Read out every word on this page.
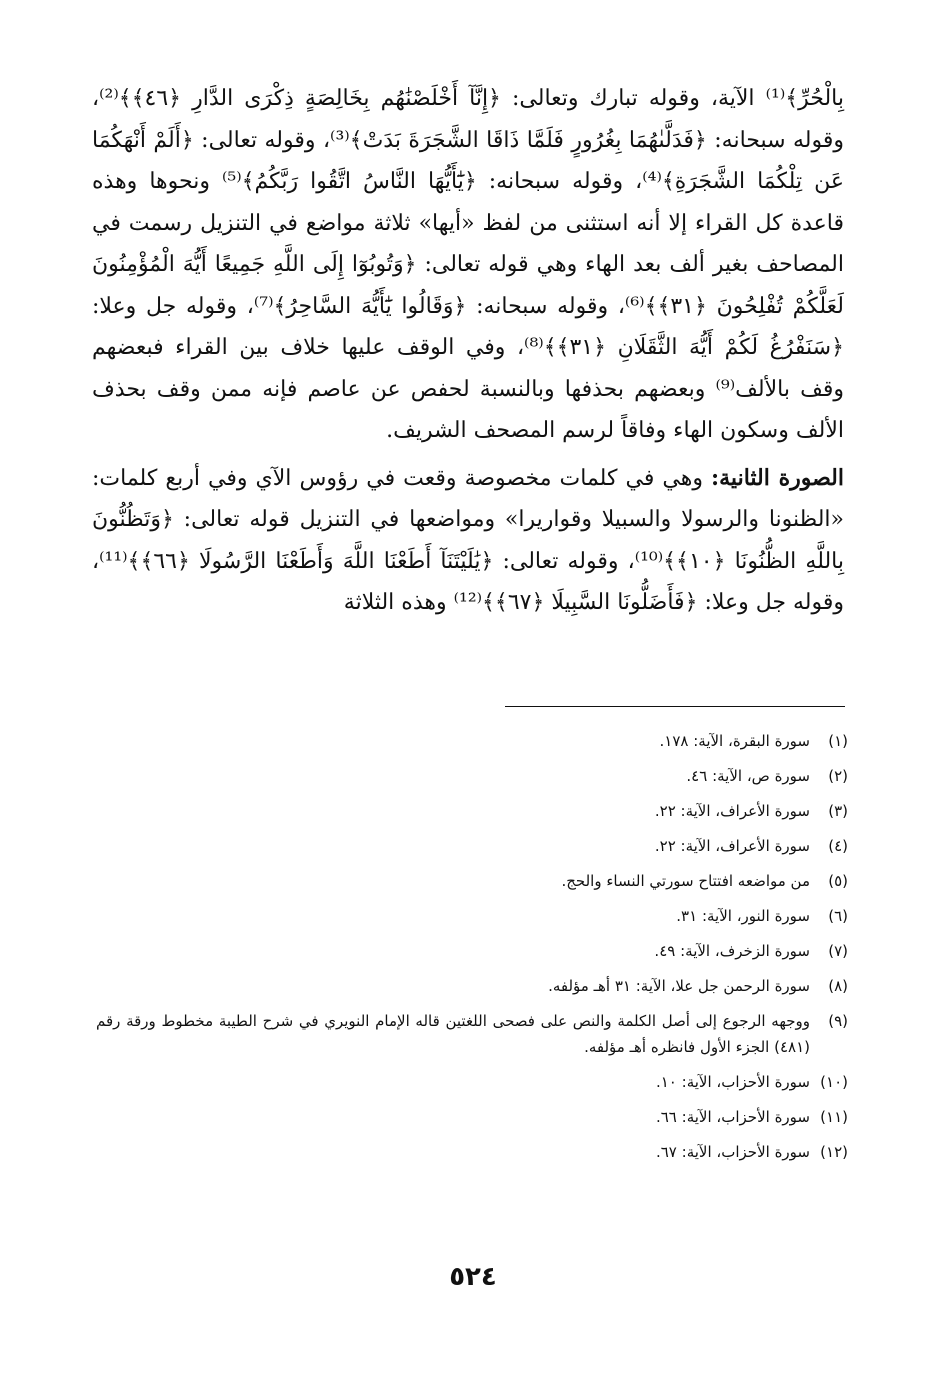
بِالْحُرِّ﴾⁽¹⁾ الآية، وقوله تبارك وتعالى: ﴿إِنَّآ أَخْلَصْنَٰهُم بِخَالِصَةٍ ذِكْرَى الدَّارِ ﴿٤٦﴾﴾⁽²⁾، وقوله سبحانه: ﴿فَدَلَّىٰهُمَا بِغُرُورٍ فَلَمَّا ذَاقَا الشَّجَرَةَ بَدَتْ﴾⁽³⁾، وقوله تعالى: ﴿أَلَمْ أَنْهَكُمَا عَن تِلْكُمَا الشَّجَرَةِ﴾⁽⁴⁾، وقوله سبحانه: ﴿يَٰٓأَيُّهَا النَّاسُ اتَّقُوا رَبَّكُمُ﴾⁽⁵⁾ ونحوها وهذه قاعدة كل القراء إلا أنه استثنى من لفظ «أيها» ثلاثة مواضع في التنزيل رسمت في المصاحف بغير ألف بعد الهاء وهي قوله تعالى: ﴿وَتُوبُوٓا إِلَى اللَّهِ جَمِيعًا أَيُّهَ الْمُؤْمِنُونَ لَعَلَّكُمْ تُفْلِحُونَ ﴿٣١﴾﴾⁽⁶⁾، وقوله سبحانه: ﴿وَقَالُوا يَٰٓأَيُّهَ السَّاحِرُ﴾⁽⁷⁾، وقوله جل وعلا: ﴿سَنَفْرُغُ لَكُمْ أَيُّهَ الثَّقَلَانِ ﴿٣١﴾﴾⁽⁸⁾، وفي الوقف عليها خلاف بين القراء فبعضهم وقف بالألف⁽⁹⁾ وبعضهم بحذفها وبالنسبة لحفص عن عاصم فإنه ممن وقف بحذف الألف وسكون الهاء وفاقاً لرسم المصحف الشريف.

الصورة الثانية: وهي في كلمات مخصوصة وقعت في رؤوس الآي وفي أربع كلمات: «الظنونا والرسولا والسبيلا وقواريرا» ومواضعها في التنزيل قوله تعالى: ﴿وَتَظُنُّونَ بِاللَّهِ الظُّنُونَا ﴿١٠﴾﴾⁽¹⁰⁾، وقوله تعالى: ﴿يَٰلَيْتَنَآ أَطَعْنَا اللَّهَ وَأَطَعْنَا الرَّسُولَا ﴿٦٦﴾﴾⁽¹¹⁾، وقوله جل وعلا: ﴿فَأَضَلُّونَا السَّبِيلَا ﴿٦٧﴾﴾⁽¹²⁾ وهذه الثلاثة

(١)
سورة البقرة، الآية: ١٧٨.
(٢)
سورة ص، الآية: ٤٦.
(٣)
سورة الأعراف، الآية: ٢٢.
(٤)
سورة الأعراف، الآية: ٢٢.
(٥)
من مواضعه افتتاح سورتي النساء والحج.
(٦)
سورة النور، الآية: ٣١.
(٧)
سورة الزخرف، الآية: ٤٩.
(٨)
سورة الرحمن جل علا، الآية: ٣١ أهـ مؤلفه.
(٩)
ووجهه الرجوع إلى أصل الكلمة والنص على فصحى اللغتين قاله الإمام النويري في شرح الطيبة مخطوط ورقة رقم (٤٨١) الجزء الأول فانظره أهـ مؤلفه.
(١٠)
سورة الأحزاب، الآية: ١٠.
(١١)
سورة الأحزاب، الآية: ٦٦.
(١٢)
سورة الأحزاب، الآية: ٦٧.
٥٢٤
